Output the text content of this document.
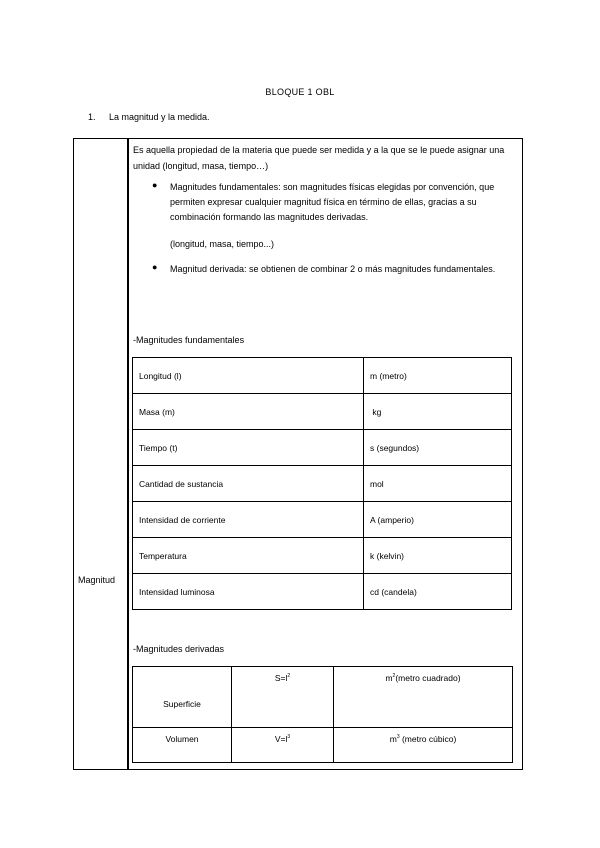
BLOQUE 1 OBL
1. La magnitud y la medida.
Magnitud
Es aquella propiedad de la materia que puede ser medida y a la que se le puede asignar una unidad (longitud, masa, tiempo…)
● Magnitudes fundamentales: son magnitudes físicas elegidas por convención, que permiten expresar cualquier magnitud física en término de ellas, gracias a su combinación formando las magnitudes derivadas.
(longitud, masa, tiempo...)
● Magnitud derivada: se obtienen de combinar 2 o más magnitudes fundamentales.
-Magnitudes fundamentales
Longitud (l)	m (metro)
Masa (m)	kg
Tiempo (t)	s (segundos)
Cantidad de sustancia	mol
Intensidad de corriente	A (amperio)
Temperatura	k (kelvin)
Intensidad luminosa	cd (candela)
-Magnitudes derivadas
Superficie	$S=l^2$	$m^2(metro$ cuadrado)

Volumen	$V=l^3$	$m^3$ (metro cúbico)
